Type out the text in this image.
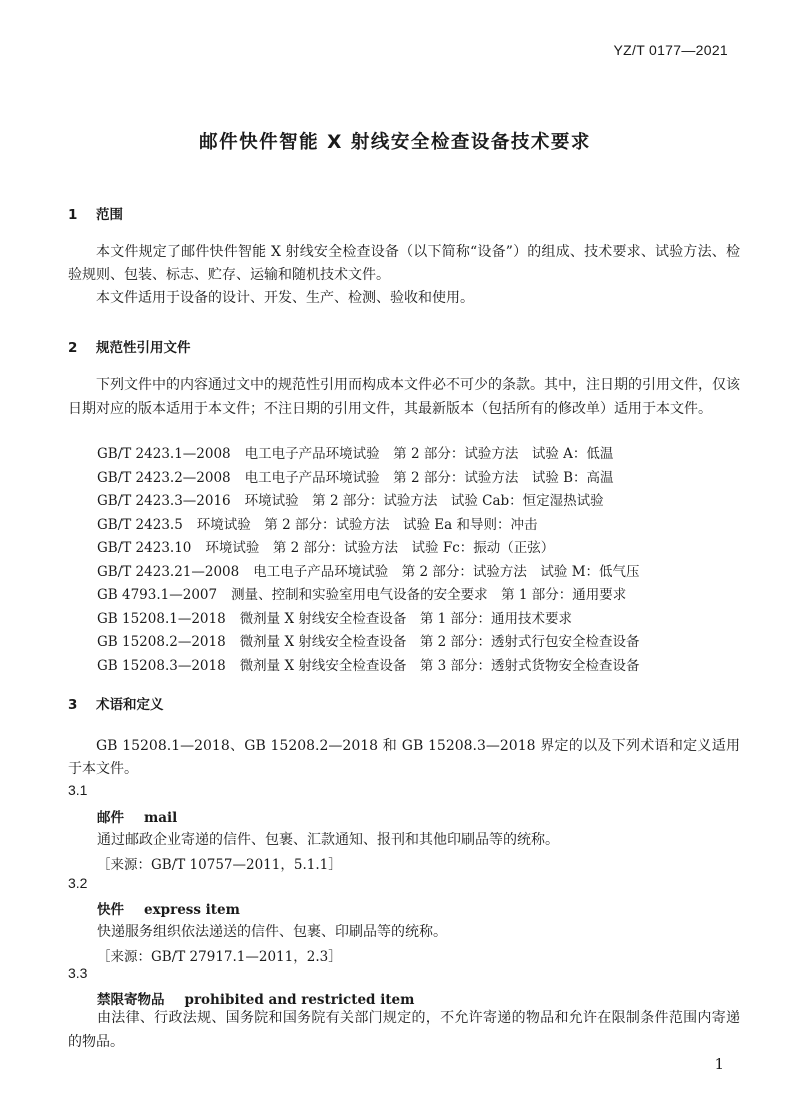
YZ/T 0177—2021
邮件快件智能 X 射线安全检查设备技术要求
1 范围
本文件规定了邮件快件智能 X 射线安全检查设备（以下简称“设备”）的组成、技术要求、试验方法、检验规则、包装、标志、贮存、运输和随机技术文件。
本文件适用于设备的设计、开发、生产、检测、验收和使用。
2 规范性引用文件
下列文件中的内容通过文中的规范性引用而构成本文件必不可少的条款。其中，注日期的引用文件，仅该日期对应的版本适用于本文件；不注日期的引用文件，其最新版本（包括所有的修改单）适用于本文件。
GB/T 2423.1—2008 电工电子产品环境试验　第 2 部分：试验方法　试验 A：低温
GB/T 2423.2—2008 电工电子产品环境试验　第 2 部分：试验方法　试验 B：高温
GB/T 2423.3—2016 环境试验　第 2 部分：试验方法　试验 Cab：恒定湿热试验
GB/T 2423.5 环境试验　第 2 部分：试验方法　试验 Ea 和导则：冲击
GB/T 2423.10 环境试验　第 2 部分：试验方法　试验 Fc：振动（正弦）
GB/T 2423.21—2008 电工电子产品环境试验　第 2 部分：试验方法　试验 M：低气压
GB 4793.1—2007 测量、控制和实验室用电气设备的安全要求　第 1 部分：通用要求
GB 15208.1—2018 微剂量 X 射线安全检查设备　第 1 部分：通用技术要求
GB 15208.2—2018 微剂量 X 射线安全检查设备　第 2 部分：透射式行包安全检查设备
GB 15208.3—2018 微剂量 X 射线安全检查设备　第 3 部分：透射式货物安全检查设备
3 术语和定义
GB 15208.1—2018、GB 15208.2—2018 和 GB 15208.3—2018 界定的以及下列术语和定义适用于本文件。
3.1
邮件 mail
通过邮政企业寄递的信件、包裹、汇款通知、报刊和其他印刷品等的统称。
［来源：GB/T 10757—2011，5.1.1］
3.2
快件 express item
快递服务组织依法递送的信件、包裹、印刷品等的统称。
［来源：GB/T 27917.1—2011，2.3］
3.3
禁限寄物品 prohibited and restricted item
由法律、行政法规、国务院和国务院有关部门规定的，不允许寄递的物品和允许在限制条件范围内寄递的物品。
1
